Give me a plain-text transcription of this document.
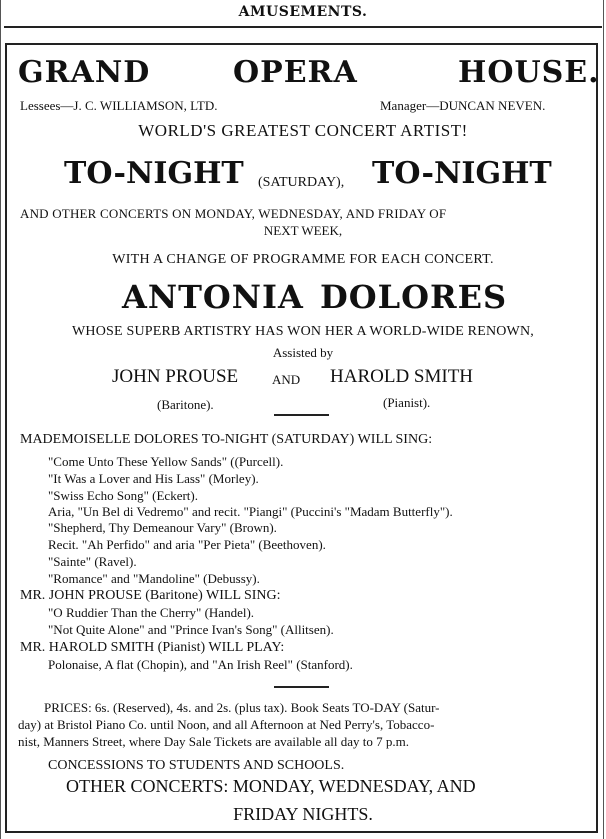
AMUSEMENTS.
GRAND	OPERA	HOUSE.
Lessees—J. C. WILLIAMSON, LTD.	Manager—DUNCAN NEVEN.
WORLD'S GREATEST CONCERT ARTIST!
TO-NIGHT (SATURDAY), TO-NIGHT
AND OTHER CONCERTS ON MONDAY, WEDNESDAY, AND FRIDAY OF
NEXT WEEK,
WITH A CHANGE OF PROGRAMME FOR EACH CONCERT.
ANTONIA DOLORES
WHOSE SUPERB ARTISTRY HAS WON HER A WORLD-WIDE RENOWN,
Assisted by
JOHN PROUSE	AND HAROLD SMITH
(Baritone).	(Pianist).
MADEMOISELLE DOLORES TO-NIGHT (SATURDAY) WILL SING:
"Come Unto These Yellow Sands" ((Purcell).
"It Was a Lover and His Lass" (Morley).
"Swiss Echo Song" (Eckert).
Aria, "Un Bel di Vedremo" and recit. "Piangi" (Puccini's "Madam Butterfly").
"Shepherd, Thy Demeanour Vary" (Brown).
Recit. "Ah Perfido" and aria "Per Pieta" (Beethoven).
"Sainte" (Ravel).
"Romance" and "Mandoline" (Debussy).
MR. JOHN PROUSE (Baritone) WILL SING:
"O Ruddier Than the Cherry" (Handel).
"Not Quite Alone" and "Prince Ivan's Song" (Allitsen).
MR. HAROLD SMITH (Pianist) WILL PLAY:
Polonaise, A flat (Chopin), and "An Irish Reel" (Stanford).
PRICES: 6s. (Reserved), 4s. and 2s. (plus tax). Book Seats TO-DAY (Satur-
day) at Bristol Piano Co. until Noon, and all Afternoon at Ned Perry's, Tobacco-
nist, Manners Street, where Day Sale Tickets are available all day to 7 p.m.
CONCESSIONS TO STUDENTS AND SCHOOLS.
OTHER CONCERTS: MONDAY, WEDNESDAY, AND
FRIDAY NIGHTS.
